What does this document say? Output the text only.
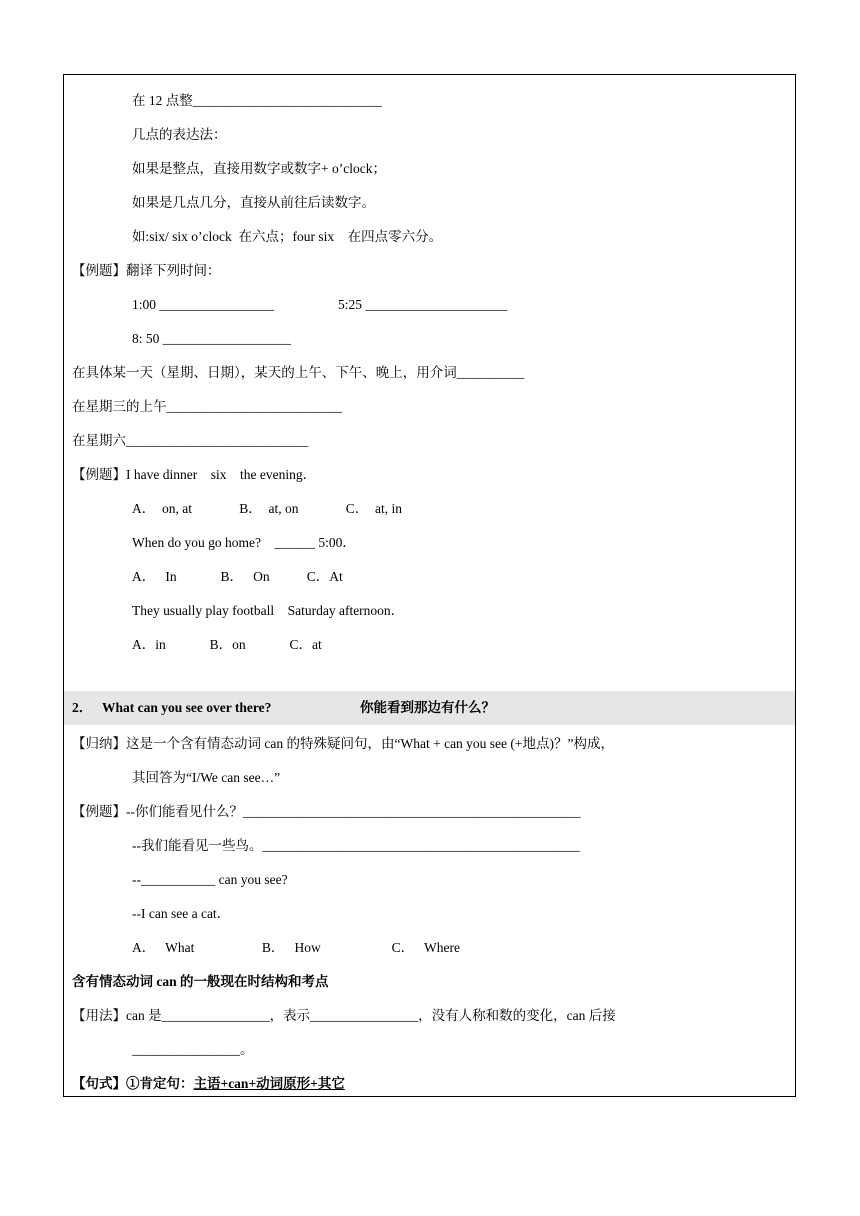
在 12 点整____________________________
几点的表达法：
如果是整点，直接用数字或数字+ o’clock；
如果是几点几分，直接从前往后读数字。
如:six/ six o’clock  在六点；four six    在四点零六分。
【例题】翻译下列时间：
1:00 _________________	5:25 _____________________
8: 50 ___________________
在具体某一天（星期、日期），某天的上午、下午、晚上，用介词__________
在星期三的上午__________________________
在星期六___________________________
【例题】I have dinner    six    the evening．
A．  on, at              B．  at, on              C．  at, in
When do you go home?    ______ 5:00．
A．   In             B．   On           C．At
They usually play football    Saturday afternoon．
A．in             B．on             C．at
2． What can you see over there?	你能看到那边有什么？
【归纳】这是一个含有情态动词 can 的特殊疑问句，由“What + can you see (+地点)？”构成，
其回答为“I/We can see…”
【例题】--你们能看见什么？__________________________________________________
--我们能看见一些鸟。_______________________________________________
--___________ can you see?
--I can see a cat．
A．   What                    B．   How                     C．   Where
含有情态动词 can 的一般现在时结构和考点
【用法】can 是________________，表示________________，没有人称和数的变化，can 后接
________________。
【句式】①肯定句：主语+can+动词原形+其它
